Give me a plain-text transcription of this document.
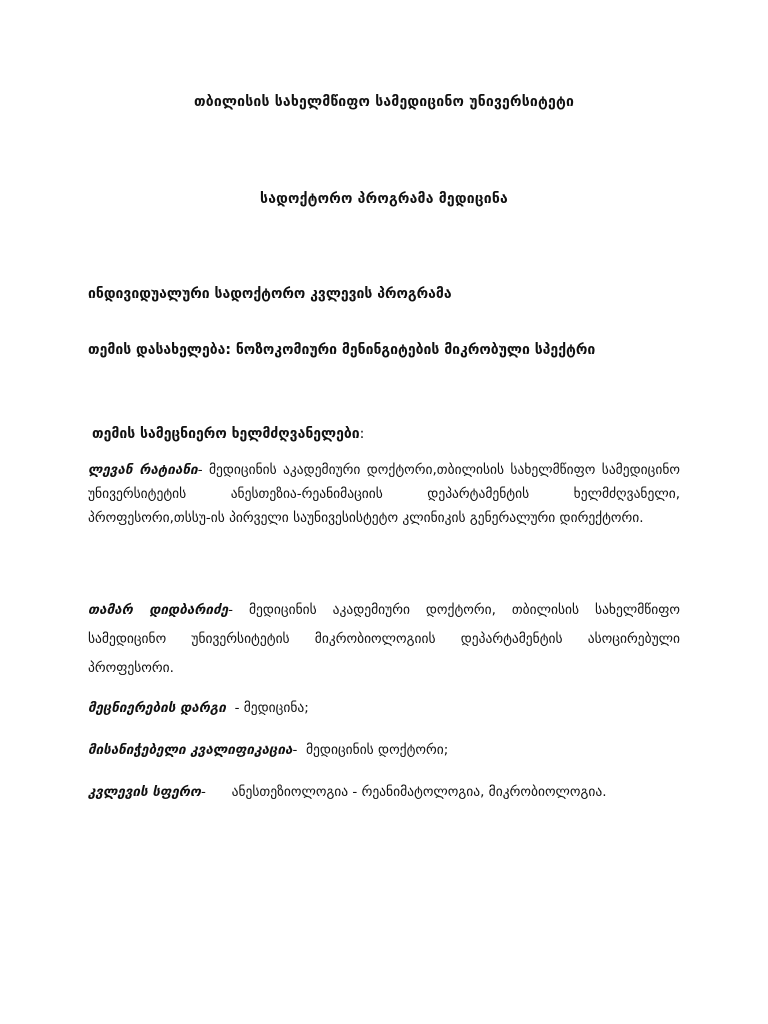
თბილისის სახელმწიფო სამედიცინო უნივერსიტეტი

სადოქტორო პროგრამა მედიცინა

ინდივიდუალური სადოქტორო კვლევის პროგრამა

თემის დასახელება: ნოზოკომიური მენინგიტების მიკრობული სპექტრი

თემის სამეცნიერო ხელმძღვანელები:

ლევან რატიანი- მედიცინის აკადემიური დოქტორი,თბილისის სახელმწიფო სამედიცინო უნივერსიტეტის ანესთეზია-რეანიმაციის დეპარტამენტის ხელმძღვანელი, პროფესორი,თსსუ-ის პირველი საუნივესისტეტო კლინიკის გენერალური დირექტორი.

თამარ დიდბარიძე- მედიცინის აკადემიური დოქტორი, თბილისის სახელმწიფო სამედიცინო უნივერსიტეტის მიკრობიოლოგიის დეპარტამენტის ასოცირებული პროფესორი.

მეცნიერების დარგი  - მედიცინა;

მისანიჭებელი კვალიფიკაცია-  მედიცინის დოქტორი;

კვლევის სფერო-      ანესთეზიოლოგია - რეანიმატოლოგია, მიკრობიოლოგია.
